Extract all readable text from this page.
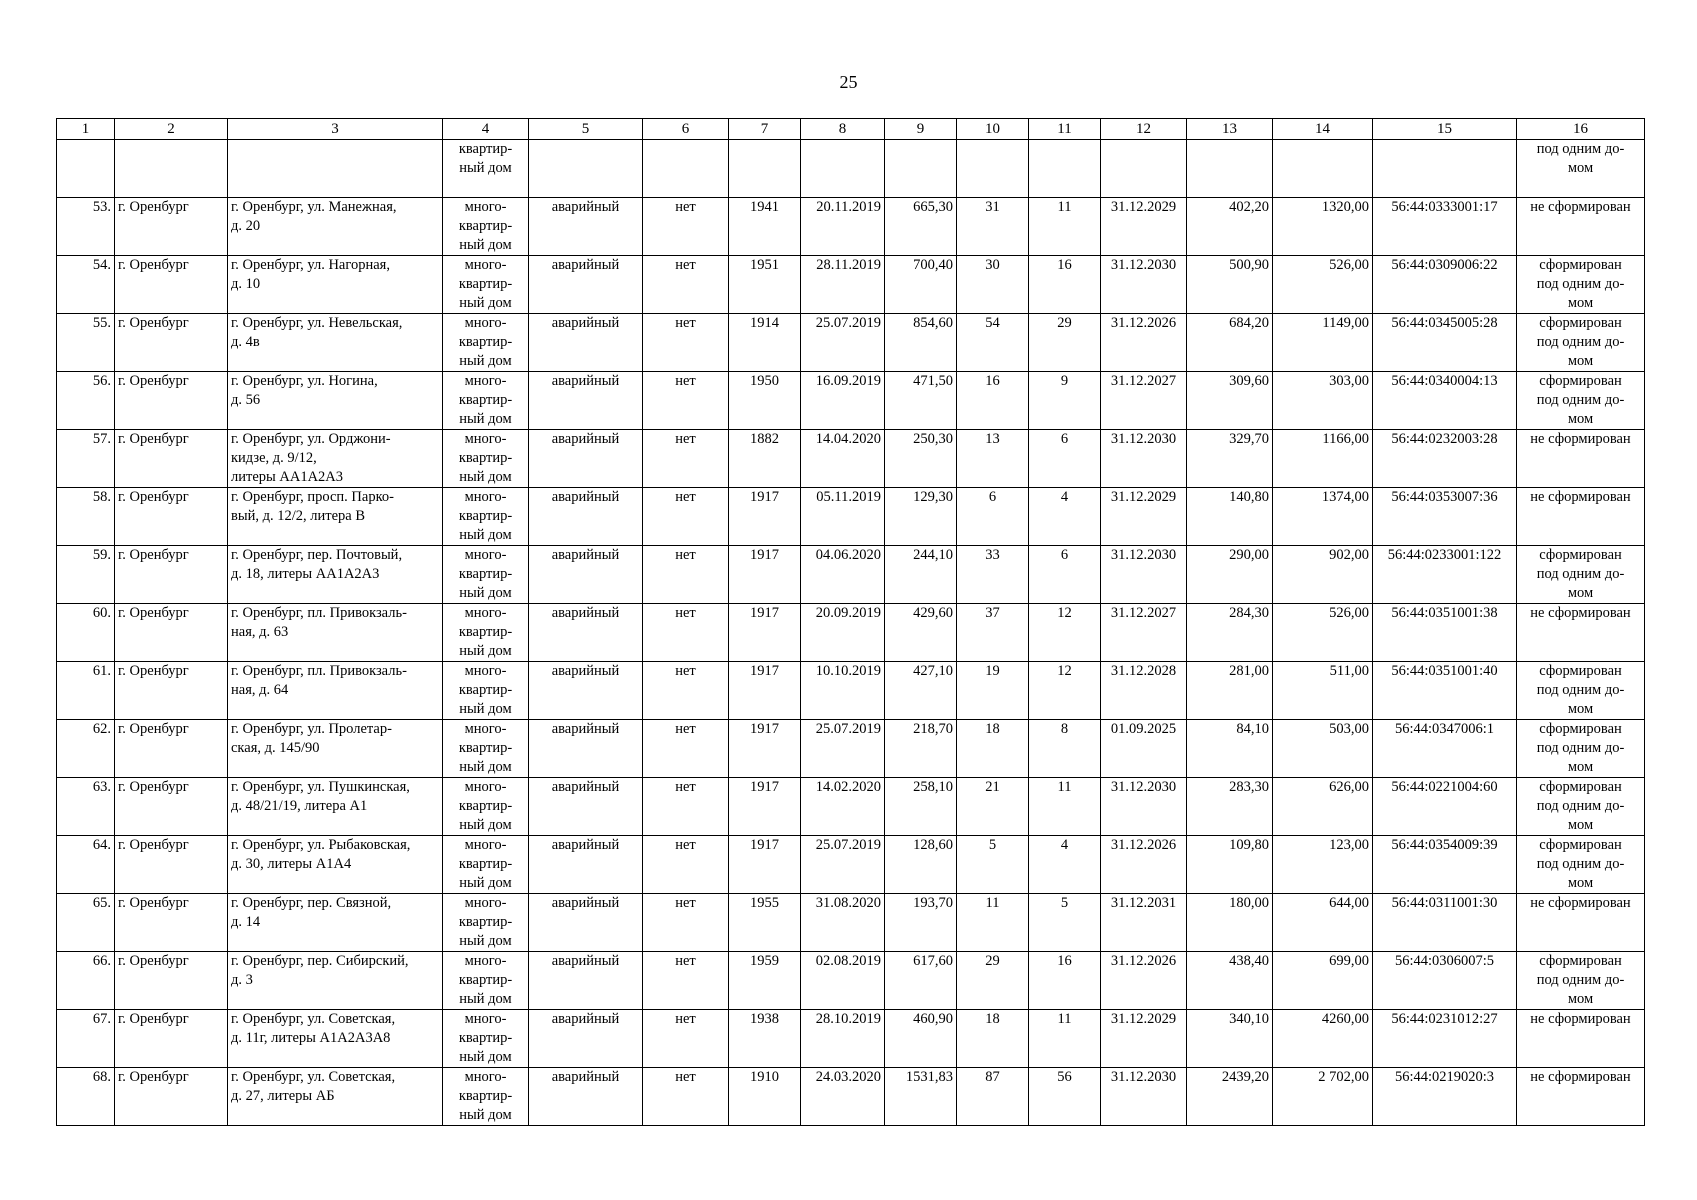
25
1	2	3	4	5	6	7	8	9	10	11	12	13	14	15	16
			квартир-
ный дом												под одним до-
мом
53.	г. Оренбург	г. Оренбург, ул. Манежная,
д. 20	много-
квартир-
ный дом	аварийный	нет	1941	20.11.2019	665,30	31	11	31.12.2029	402,20	1320,00	56:44:0333001:17	не сформирован
54.	г. Оренбург	г. Оренбург, ул. Нагорная,
д. 10	много-
квартир-
ный дом	аварийный	нет	1951	28.11.2019	700,40	30	16	31.12.2030	500,90	526,00	56:44:0309006:22	сформирован
под одним до-
мом
55.	г. Оренбург	г. Оренбург, ул. Невельская,
д. 4в	много-
квартир-
ный дом	аварийный	нет	1914	25.07.2019	854,60	54	29	31.12.2026	684,20	1149,00	56:44:0345005:28	сформирован
под одним до-
мом
56.	г. Оренбург	г. Оренбург, ул. Ногина,
д. 56	много-
квартир-
ный дом	аварийный	нет	1950	16.09.2019	471,50	16	9	31.12.2027	309,60	303,00	56:44:0340004:13	сформирован
под одним до-
мом
57.	г. Оренбург	г. Оренбург, ул. Орджони-
кидзе, д. 9/12,
литеры АА1А2А3	много-
квартир-
ный дом	аварийный	нет	1882	14.04.2020	250,30	13	6	31.12.2030	329,70	1166,00	56:44:0232003:28	не сформирован
58.	г. Оренбург	г. Оренбург, просп. Парко-
вый, д. 12/2, литера В	много-
квартир-
ный дом	аварийный	нет	1917	05.11.2019	129,30	6	4	31.12.2029	140,80	1374,00	56:44:0353007:36	не сформирован
59.	г. Оренбург	г. Оренбург, пер. Почтовый,
д. 18, литеры АА1А2А3	много-
квартир-
ный дом	аварийный	нет	1917	04.06.2020	244,10	33	6	31.12.2030	290,00	902,00	56:44:0233001:122	сформирован
под одним до-
мом
60.	г. Оренбург	г. Оренбург, пл. Привокзаль-
ная, д. 63	много-
квартир-
ный дом	аварийный	нет	1917	20.09.2019	429,60	37	12	31.12.2027	284,30	526,00	56:44:0351001:38	не сформирован
61.	г. Оренбург	г. Оренбург, пл. Привокзаль-
ная, д. 64	много-
квартир-
ный дом	аварийный	нет	1917	10.10.2019	427,10	19	12	31.12.2028	281,00	511,00	56:44:0351001:40	сформирован
под одним до-
мом
62.	г. Оренбург	г. Оренбург, ул. Пролетар-
ская, д. 145/90	много-
квартир-
ный дом	аварийный	нет	1917	25.07.2019	218,70	18	8	01.09.2025	84,10	503,00	56:44:0347006:1	сформирован
под одним до-
мом
63.	г. Оренбург	г. Оренбург, ул. Пушкинская,
д. 48/21/19, литера А1	много-
квартир-
ный дом	аварийный	нет	1917	14.02.2020	258,10	21	11	31.12.2030	283,30	626,00	56:44:0221004:60	сформирован
под одним до-
мом
64.	г. Оренбург	г. Оренбург, ул. Рыбаковская,
д. 30, литеры А1А4	много-
квартир-
ный дом	аварийный	нет	1917	25.07.2019	128,60	5	4	31.12.2026	109,80	123,00	56:44:0354009:39	сформирован
под одним до-
мом
65.	г. Оренбург	г. Оренбург, пер. Связной,
д. 14	много-
квартир-
ный дом	аварийный	нет	1955	31.08.2020	193,70	11	5	31.12.2031	180,00	644,00	56:44:0311001:30	не сформирован
66.	г. Оренбург	г. Оренбург, пер. Сибирский,
д. 3	много-
квартир-
ный дом	аварийный	нет	1959	02.08.2019	617,60	29	16	31.12.2026	438,40	699,00	56:44:0306007:5	сформирован
под одним до-
мом
67.	г. Оренбург	г. Оренбург, ул. Советская,
д. 11г, литеры А1А2А3А8	много-
квартир-
ный дом	аварийный	нет	1938	28.10.2019	460,90	18	11	31.12.2029	340,10	4260,00	56:44:0231012:27	не сформирован
68.	г. Оренбург	г. Оренбург, ул. Советская,
д. 27, литеры АБ	много-
квартир-
ный дом	аварийный	нет	1910	24.03.2020	1531,83	87	56	31.12.2030	2439,20	2 702,00	56:44:0219020:3	не сформирован
